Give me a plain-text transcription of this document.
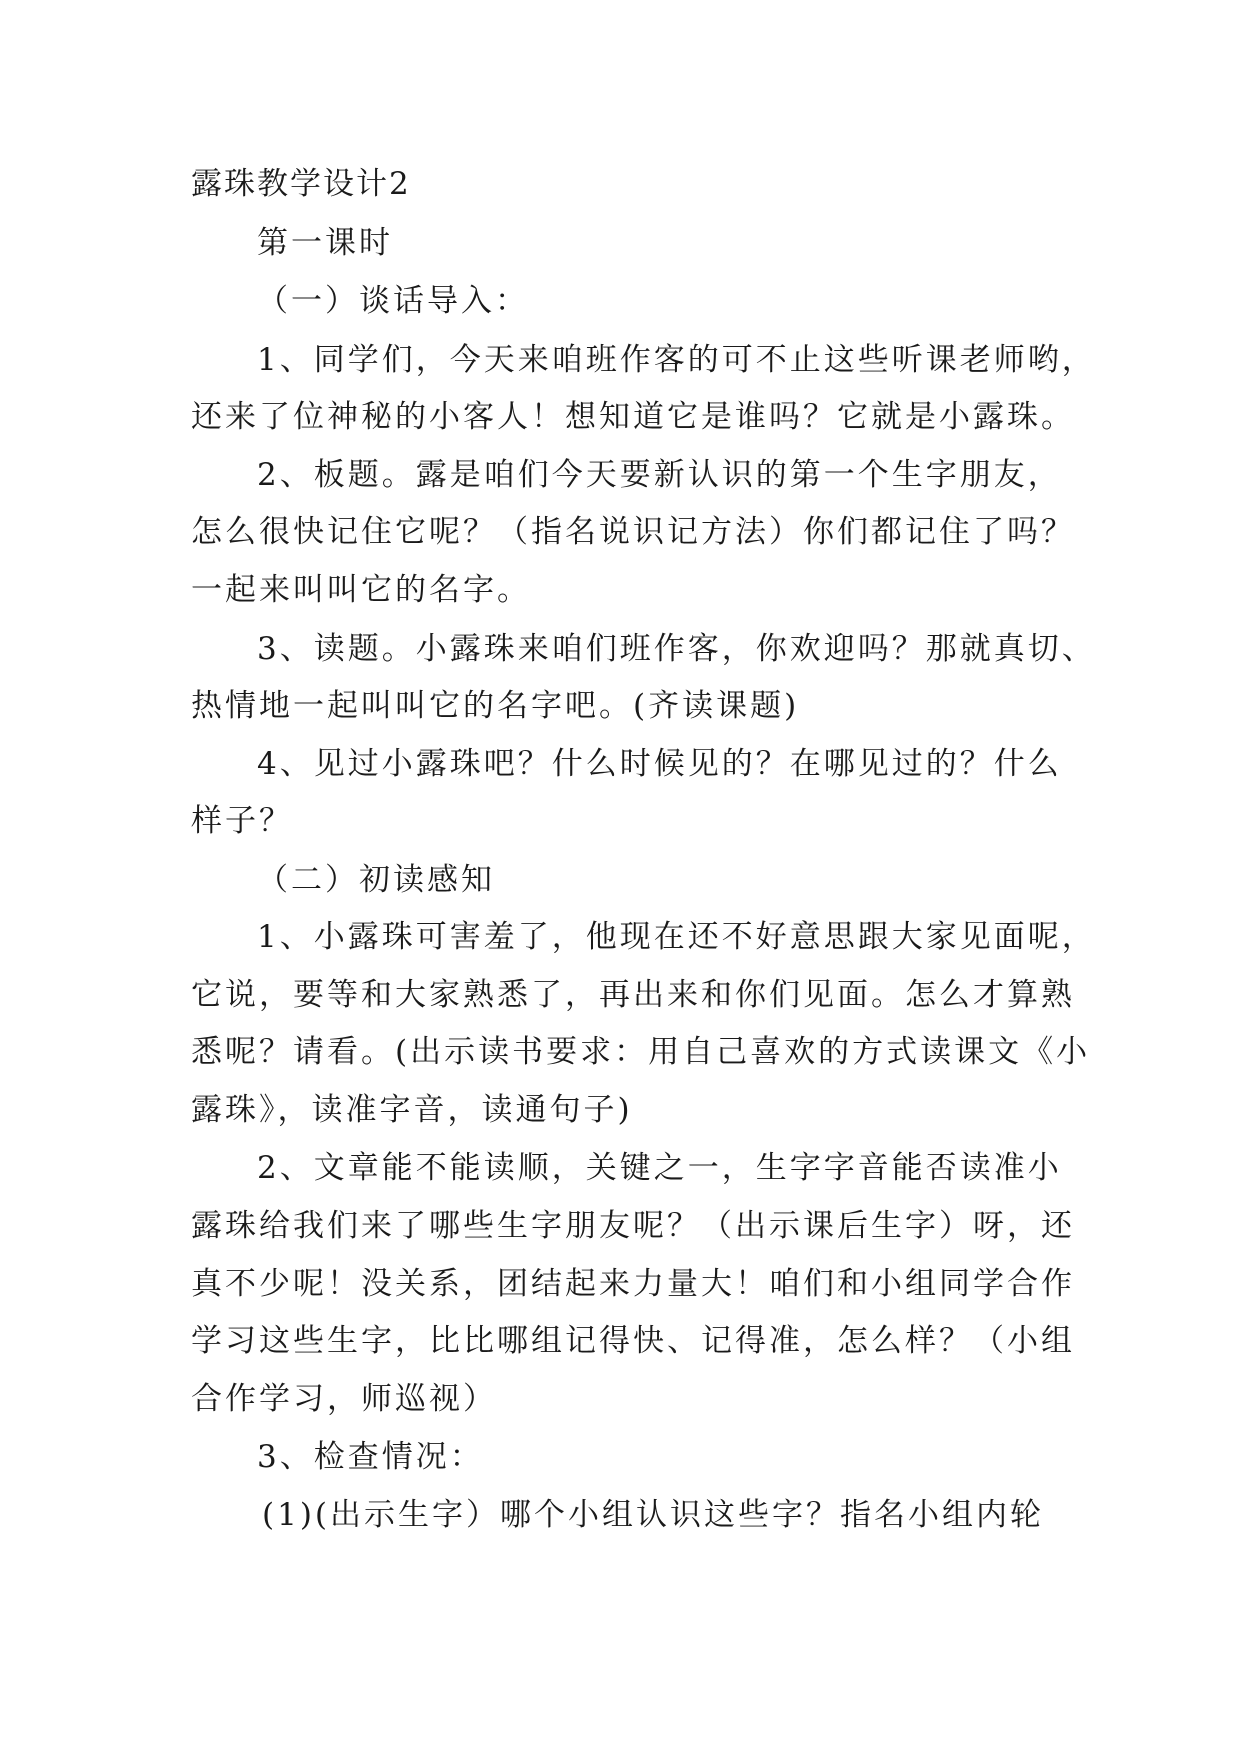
露珠教学设计2
第一课时
（一）谈话导入：
1、同学们，今天来咱班作客的可不止这些听课老师哟，
还来了位神秘的小客人！想知道它是谁吗？它就是小露珠。
2、板题。露是咱们今天要新认识的第一个生字朋友，
怎么很快记住它呢？（指名说识记方法）你们都记住了吗？
一起来叫叫它的名字。
3、读题。小露珠来咱们班作客，你欢迎吗？那就真切、
热情地一起叫叫它的名字吧。(齐读课题)
4、见过小露珠吧？什么时候见的？在哪见过的？什么
样子？
（二）初读感知
1、小露珠可害羞了，他现在还不好意思跟大家见面呢，
它说，要等和大家熟悉了，再出来和你们见面。怎么才算熟
悉呢？请看。(出示读书要求：用自己喜欢的方式读课文《小
露珠》，读准字音，读通句子)
2、文章能不能读顺，关键之一，生字字音能否读准小
露珠给我们来了哪些生字朋友呢？（出示课后生字）呀，还
真不少呢！没关系，团结起来力量大！咱们和小组同学合作
学习这些生字，比比哪组记得快、记得准，怎么样？（小组
合作学习，师巡视）
3、检查情况：
(1)(出示生字）哪个小组认识这些字？指名小组内轮
